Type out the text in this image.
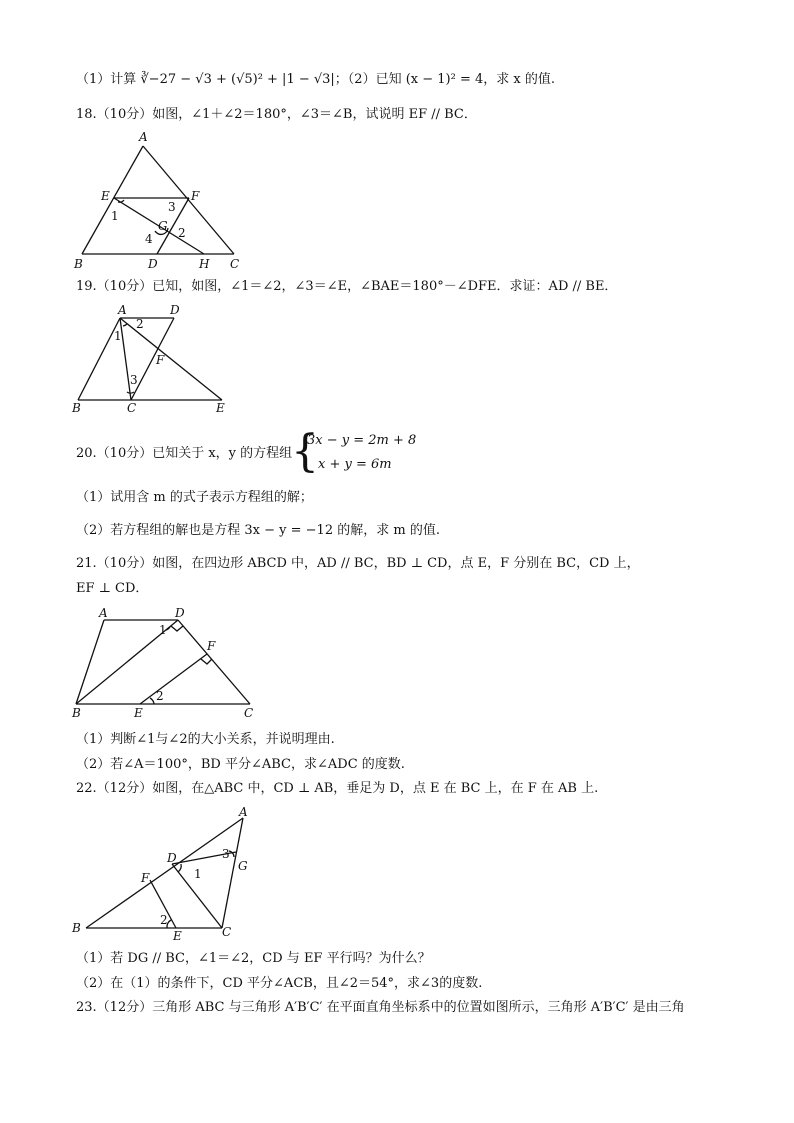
（1）计算 ∛−27 − √3 + (√5)² + |1 − √3|；（2）已知 (x − 1)² = 4，求 x 的值.
18.（10分）如图，∠1＋∠2＝180°，∠3＝∠B，试说明 EF // BC．
A
E	F
G
B	D	H C
1
3
4 2
19.（10分）已知，如图，∠1＝∠2，∠3＝∠E，∠BAE＝180°－∠DFE．求证：AD // BE．
A	D
F
B	C	E
1
2
3
20.（10分）已知关于 x，y 的方程组
{
3x − y = 2m + 8
x + y = 6m
（1）试用含 m 的式子表示方程组的解；
（2）若方程组的解也是方程 3x − y = −12 的解，求 m 的值.
21.（10分）如图，在四边形 ABCD 中，AD // BC，BD ⊥ CD，点 E，F 分别在 BC，CD 上，
EF ⊥ CD．
A	D
F
B	E	C
1
2
（1）判断∠1与∠2的大小关系，并说明理由.
（2）若∠A＝100°，BD 平分∠ABC，求∠ADC 的度数.
22.（12分）如图，在△ABC 中，CD ⊥ AB，垂足为 D，点 E 在 BC 上，在 F 在 AB 上.
A
D
G
F
B
E	C
1
2
3
（1）若 DG // BC，∠1＝∠2，CD 与 EF 平行吗？为什么？
（2）在（1）的条件下，CD 平分∠ACB，且∠2＝54°，求∠3的度数.
23.（12分）三角形 ABC 与三角形 A′B′C′ 在平面直角坐标系中的位置如图所示，三角形 A′B′C′ 是由三角
